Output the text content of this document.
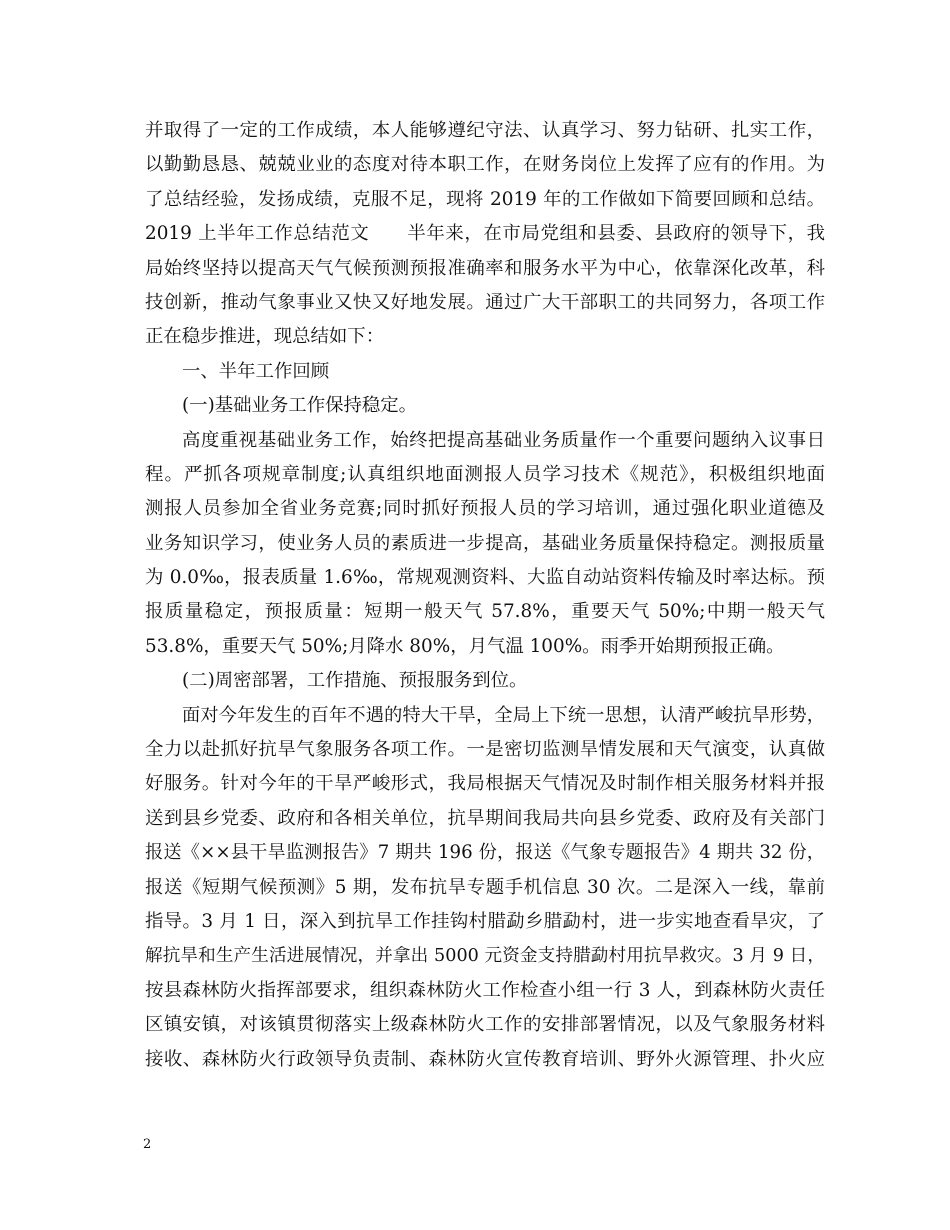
并取得了一定的工作成绩，本人能够遵纪守法、认真学习、努力钻研、扎实工作，
以勤勤恳恳、兢兢业业的态度对待本职工作，在财务岗位上发挥了应有的作用。为
了总结经验，发扬成绩，克服不足，现将 2019 年的工作做如下简要回顾和总结。
2019 上半年工作总结范文　　半年来，在市局党组和县委、县政府的领导下，我
局始终坚持以提高天气气候预测预报准确率和服务水平为中心，依靠深化改革，科
技创新，推动气象事业又快又好地发展。通过广大干部职工的共同努力，各项工作
正在稳步推进，现总结如下：
一、半年工作回顾
(一)基础业务工作保持稳定。
高度重视基础业务工作，始终把提高基础业务质量作一个重要问题纳入议事日
程。严抓各项规章制度;认真组织地面测报人员学习技术《规范》，积极组织地面
测报人员参加全省业务竞赛;同时抓好预报人员的学习培训，通过强化职业道德及
业务知识学习，使业务人员的素质进一步提高，基础业务质量保持稳定。测报质量
为 0.0‰，报表质量 1.6‰，常规观测资料、大监自动站资料传输及时率达标。预
报质量稳定，预报质量：短期一般天气 57.8%，重要天气 50%;中期一般天气
53.8%，重要天气 50%;月降水 80%，月气温 100%。雨季开始期预报正确。
(二)周密部署，工作措施、预报服务到位。
面对今年发生的百年不遇的特大干旱，全局上下统一思想，认清严峻抗旱形势，
全力以赴抓好抗旱气象服务各项工作。一是密切监测旱情发展和天气演变，认真做
好服务。针对今年的干旱严峻形式，我局根据天气情况及时制作相关服务材料并报
送到县乡党委、政府和各相关单位，抗旱期间我局共向县乡党委、政府及有关部门
报送《××县干旱监测报告》7 期共 196 份，报送《气象专题报告》4 期共 32 份，
报送《短期气候预测》5 期，发布抗旱专题手机信息 30 次。二是深入一线，靠前
指导。3 月 1 日，深入到抗旱工作挂钩村腊勐乡腊勐村，进一步实地查看旱灾，了
解抗旱和生产生活进展情况，并拿出 5000 元资金支持腊勐村用抗旱救灾。3 月 9 日，
按县森林防火指挥部要求，组织森林防火工作检查小组一行 3 人，到森林防火责任
区镇安镇，对该镇贯彻落实上级森林防火工作的安排部署情况，以及气象服务材料
接收、森林防火行政领导负责制、森林防火宣传教育培训、野外火源管理、扑火应
2
